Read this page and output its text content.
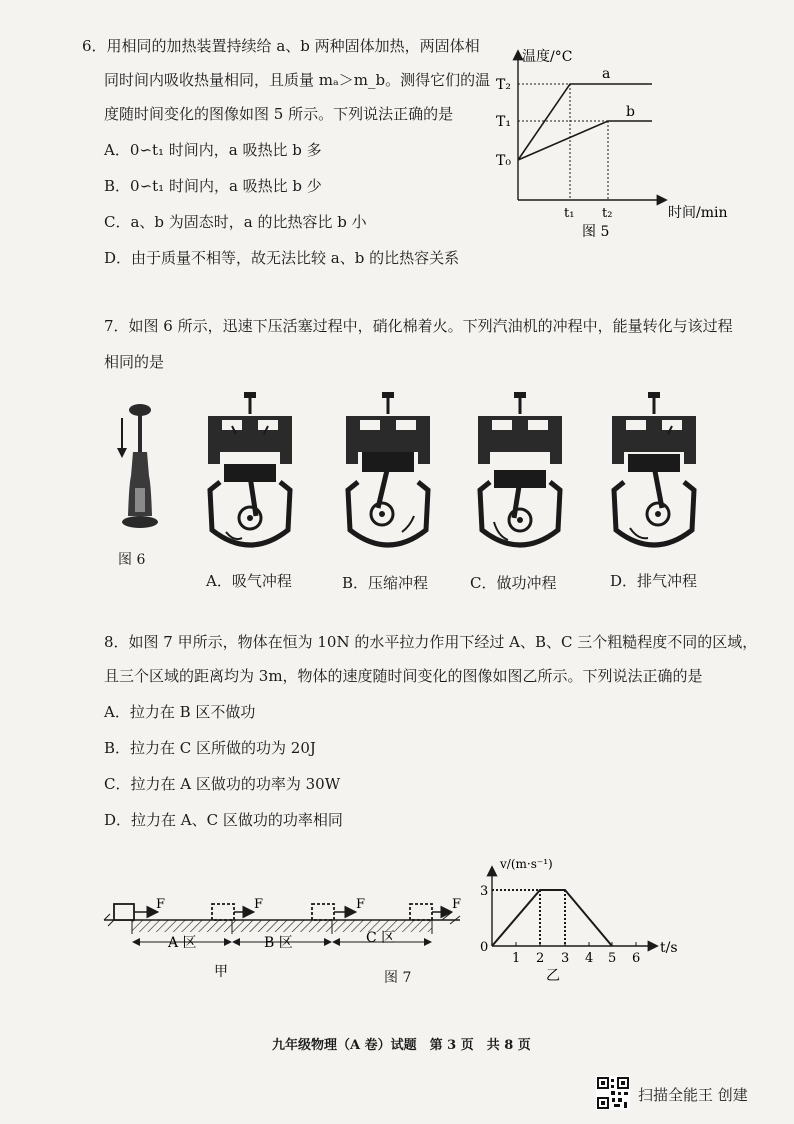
6．用相同的加热装置持续给 a、b 两种固体加热，两固体相
同时间内吸收热量相同，且质量 mₐ＞m_b。测得它们的温
度随时间变化的图像如图 5 所示。下列说法正确的是
A．0∽t₁ 时间内，a 吸热比 b 多
B．0∽t₁ 时间内，a 吸热比 b 少
C．a、b 为固态时，a 的比热容比 b 小
D．由于质量不相等，故无法比较 a、b 的比热容关系
温度/°C
T₂
T₁
T₀
t₁ t₂
a
b
时间/min
图 5
7．如图 6 所示，迅速下压活塞过程中，硝化棉着火。下列汽油机的冲程中，能量转化与该过程
相同的是
图 6
A．吸气冲程	B．压缩冲程	C．做功冲程	D．排气冲程
8．如图 7 甲所示，物体在恒为 10N 的水平拉力作用下经过 A、B、C 三个粗糙程度不同的区域，
且三个区域的距离均为 3m，物体的速度随时间变化的图像如图乙所示。下列说法正确的是
A．拉力在 B 区不做功
B．拉力在 C 区所做的功为 20J
C．拉力在 A 区做功的功率为 30W
D．拉力在 A、C 区做功的功率相同
F	F	F	F
A 区	B 区	C 区
甲	图 7
v/(m·s⁻¹)
3
0
1 2 3 4 5 6
t/s
乙
九年级物理（A 卷）试题　第 3 页　共 8 页
扫描全能王 创建
